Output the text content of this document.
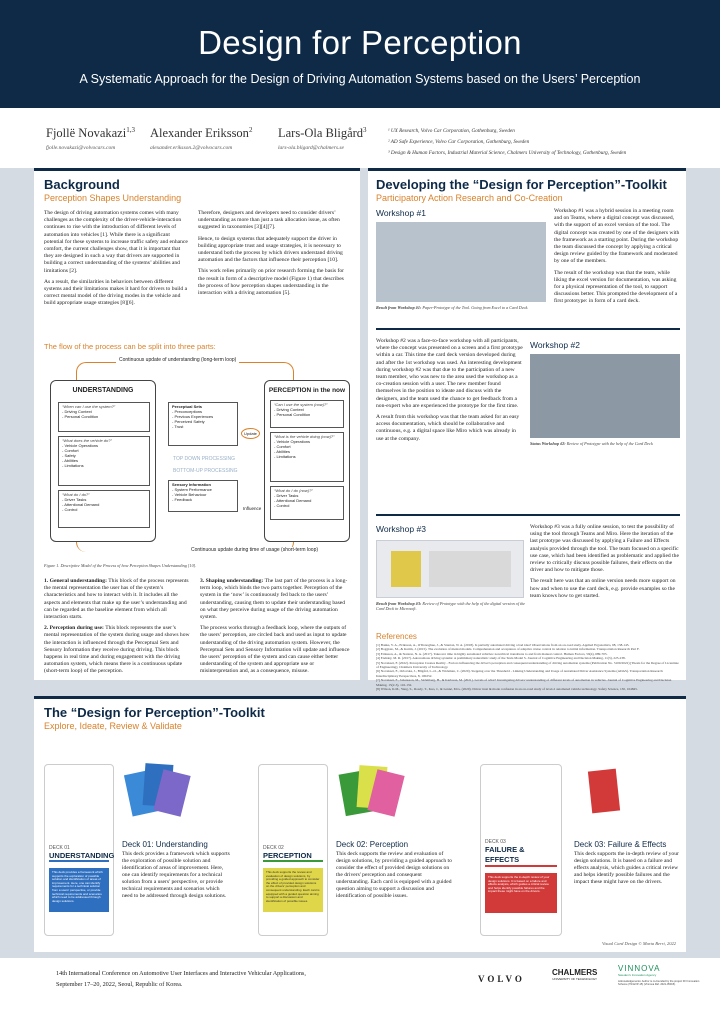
Design for Perception
A Systematic Approach for the Design of Driving Automation Systems based on the Users’ Perception
Fjollë Novakazi$^{1,3}$
fjolle.novakazi@volvocars.com
Alexander Eriksson$^2$
alexander.eriksson.2@volvocars.com
Lars-Ola Bligård$^3$
lars-ola.bligard@chalmers.se
¹ UX Research, Volvo Car Corporation, Gothenburg, Sweden
² AD Safe Experience, Volvo Car Corporation, Gothenburg, Sweden
³ Design & Human Factors, Industrial Material Science, Chalmers University of Technology, Gothenburg, Sweden
Background
Perception Shapes Understanding

The design of driving automation systems comes with many challenges as the complexity of the driver-vehicle-interaction continues to rise with the introduction of different levels of automation into vehicles [1]. While there is a significant potential for these systems to increase traffic safety and enhance comfort, the current challenges show, that it is important that they are designed in such a way that drivers are supported in building a correct understanding of the systems’ abilities and limitations [2].

As a result, the similarities in behaviors between different systems and their limitations makes it hard for drivers to build a correct mental model of the driving modes in the vehicle and build appropriate usage strategies [8][6].

Therefore, designers and developers need to consider drivers’ understanding as more than just a task allocation issue, as often suggested in taxonomies [3][4][7].

Hence, to design systems that adequately support the driver in building appropriate trust and usage strategies, it is necessary to understand both the process by which drivers understand driving automation and the factors that influence their perception [10].

This work relies primarily on prior research forming the basis for the result in form of a descriptive model (Figure 1) that describes the process of how perception shapes understanding in the interaction with a driving automation [5].

The flow of the process can be split into three parts:
Continuous update of understanding (long-term loop)
Continuous update during time of usage (short-term loop)
UNDERSTANDING
“When can I use the system?”
- Driving Context
- Personal Condition
“What does the vehicle do?”
- Vehicle Operations
- Comfort
- Safety
- Abilities
- Limitations
“What do I do?”
- Driver Tasks
- Attentional Demand
- Control
Perceptual Sets
- Preconceptions
- Previous Experiences
- Perceived Safety
- Trust
TOP DOWN PROCESSING
BOTTOM-UP PROCESSING
Sensory Information
- System Performance
- Vehicle Behaviour
- Feedback
Update
Influence
PERCEPTION in the now
“Can I use the system (now)?”
- Driving Context
- Personal Condition
“What is the vehicle doing (now)?”
- Vehicle Operations
- Comfort
- Abilities
- Limitations
“What do I do (now)?”
- Driver Tasks
- Attentional Demand
- Control
Figure 1. Descriptive Model of the Process of how Perception Shapes Understanding [10].

1. General understanding: This block of the process represents the mental representation the user has of the system’s characteristics and how to interact with it. It includes all the aspects and elements that make up the user’s understanding and can be regarded as the baseline element from which all interaction starts.

2. Perception during use: This block represents the user’s mental representation of the system during usage and shows how the interaction is influenced through the Perceptual Sets and Sensory Information they receive during driving. This block happens in real time and during engagement with the driving automation system, which means there is a continuous update (short-term loop) of the perception.

3. Shaping understanding: The last part of the process is a long-term loop, which binds the two parts together. Perception of the system in the ‘now’ is continuously fed back to the users’ understanding, causing them to update their understanding based on what they perceive during usage of the driving automation system.

The process works through a feedback loop, where the outputs of the users’ perception, are circled back and used as input to update understanding of the driving automation system. However, the Perceptual Sets and Sensory Information will update and influence the users’ perception of the system and can cause either better understanding of the system and appropriate use or misinterpretation and, as a consequence, misuse.

Developing the “Design for Perception”-Toolkit
Participatory Action Research and Co-Creation
Workshop #1
Result from Workshop #1: Paper-Prototype of the Tool. Going from Excel to a Card Deck.

Workshop #1 was a hybrid session in a meeting room and on Teams, where a digital concept was discussed, with the support of an excel version of the tool. The digital concept was created by one of the designers with the framework as a starting point. During the workshop the team discussed the concept by applying a critical design review guided by the framework and moderated by one of the members.

The result of the workshop was that the team, while liking the excel version for documentation, was asking for a physical representation of the tool, to support discussions better. This prompted the development of a first prototype: in form of a card deck.

Workshop #2 was a face-to-face workshop with all participants, where the concept was presented on a screen and a first prototype within a car. This time the card deck version developed during and after the 1st workshop was used. An interesting development during workshop #2 was that due to the participation of a new team member, who was new to the area used the workshop as a co-creation session with a user. The new member found themselves in the position to ideate and discuss with the designers, and the team used the chance to get feedback from a non-expert who are experienced the prototype for the first time.

A result from this workshop was that the team asked for an easy access documentation, which should be collaborative and continuous, e.g. a digital space like Miro which was already in use at the company.

Workshop #2
Status Workshop #2: Review of Prototype with the help of the Card Deck
Workshop #3
Result from Workshop #3: Review of Prototype with the help of the digital version of the Card Deck in Microsoft.

Workshop #3 was a fully online session, to test the possibility of using the tool through Teams and Miro. Here the iteration of the last prototype was discussed by applying a Failure and Effects analysis provided through the tool. The team focused on a specific use case, which had been identified as problematic and applied the review to critically discuss possible failures, their effects on the driver and how to mitigate those.

The result here was that an online version needs more support on how and when to use the card deck, e.g. provide examples so the team knows how to get started.

References
[1] Banks, V. A., Eriksson, A., O'Donoghue, J., & Stanton, N. A. (2018). Is partially automated driving a bad idea? Observations from an on-road study. Applied Ergonomics, 68, 138-145.
[2] Boggiato, M., & Karim, J. (2015). The evolution of mental models. Comprehension and acceptance of adaptive cruise control in relation to initial information. Transportation Research Part F.
[3] Eriksson, A., & Stanton, N. A. (2017). Takeover time in highly automated vehicles: noncritical transitions to and from manual control. Human Factors, 59(4), 689-705.
[4] Endsley, M. R. (2017). Autonomous driving systems: A preliminary naturalistic study of the Tesla Model S. Journal of Cognitive Engineering and Decision Making, 11(3), 225-238.
[5] Novakazi, F. (2022). Perception Creates Reality - Factors influencing the driver's perception and consequent understanding of driving automation systems (Publication No. 5100/2022) [Thesis for the Degree of Licentiate of Engineering]. Chalmers University of Technology.
[6] Novakazi, F., Orlovska, J., Bligård, L.-O., & Wickman, C. (2020). Stepping over the Threshold - Linking Understanding and Usage of Automated Driver Assistance Systems (ADAS). Transportation Research Interdisciplinary Perspectives, 8, 100252.
[7] Novakazi, F., Johansson, M., Strömberg, H., & Karlsson, M. (2021). Levels of what? Investigating drivers' understanding of different levels of automation in vehicles. Journal of Cognitive Engineering and Decision Making, 15(2-3), 116-132.
[8] Wilson, K.M., Yang, S., Roady, T., Kuo, J., & Lenné, M.G. (2020). Driver trust & mode confusion in an on-road study of level-2 automated vehicle technology. Safety Science, 130, 104845.
The “Design for Perception”-Toolkit
Explore, Ideate, Review & Validate
Visual Card Design © Marta Berri, 2022
DECK 01
UNDERSTANDING
This deck provides a framework which supports the exploration of possible solution and identification of areas of improvement. Here, one can identify requirements for a technical solution from a users' perspective, or provide technical requirements and scenarios which need to be addressed through design solutions.
Deck 01: Understanding
This deck provides a framework which supports the exploration of possible solution and identification of areas of improvement. Here, one can identify requirements for a technical solution from a users' perspective, or provide technical requirements and scenarios which need to be addressed through design solutions.
DECK 02
PERCEPTION
This deck supports the review and evaluation of design solutions, by providing a guided approach to consider the effect of provided design solutions on the drivers' perception and consequent understanding. Each card is equipped with a guided question aiming to support a discussion and identification of possible issues.
Deck 02: Perception
This deck supports the review and evaluation of design solutions, by providing a guided approach to consider the effect of provided design solutions on the drivers' perception and consequent understanding. Each card is equipped with a guided question aiming to support a discussion and identification of possible issues.
DECK 03
FAILURE & EFFECTS
This deck supports the in-depth review of your design solutions. It is based on a failure and effects analysis, which guides a critical review and helps identify possible failures and the impact these might have on the drivers.
Deck 03: Failure & Effects
This deck supports the in-depth review of your design solutions. It is based on a failure and effects analysis, which guides a critical review and helps identify possible failures and the impact these might have on the drivers.
14th International Conference on Automotive User Interfaces and Interactive Vehicular Applications,
September 17–20, 2022, Seoul, Republic of Korea.
VOLVO
CHALMERS
UNIVERSITY OF TECHNOLOGY
VINNOVA
Sweden's Innovation Agency
Acknowledgements: Author is co-founded by the project FFI Innovation Scheme (TR-EXP-15) (Vinnova Ref. 2021-05015).
